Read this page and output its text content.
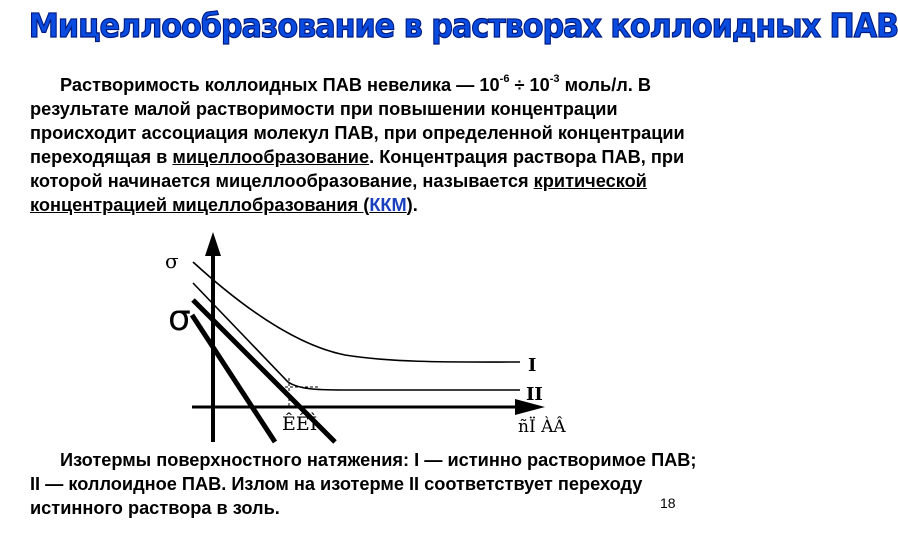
Мицеллообразование в растворах коллоидных ПАВ

Растворимость коллоидных ПАВ невелика — $10^{-6} \div 10^{-3}$ моль/л. В результате малой растворимости при повышении концентрации происходит ассоциация молекул ПАВ, при определенной концентрации переходящая в мицеллообразование. Концентрация раствора ПАВ, при которой начинается мицеллообразование, называется критической концентрацией мицеллобразования (ККМ).

σ
σ
I
II
ÊÊÌ	ñÏ ÀÂ

Изотермы поверхностного натяжения: I — истинно растворимое ПАВ; II — коллоидное ПАВ. Излом на изотерме II соответствует переходу истинного раствора в золь.	18
